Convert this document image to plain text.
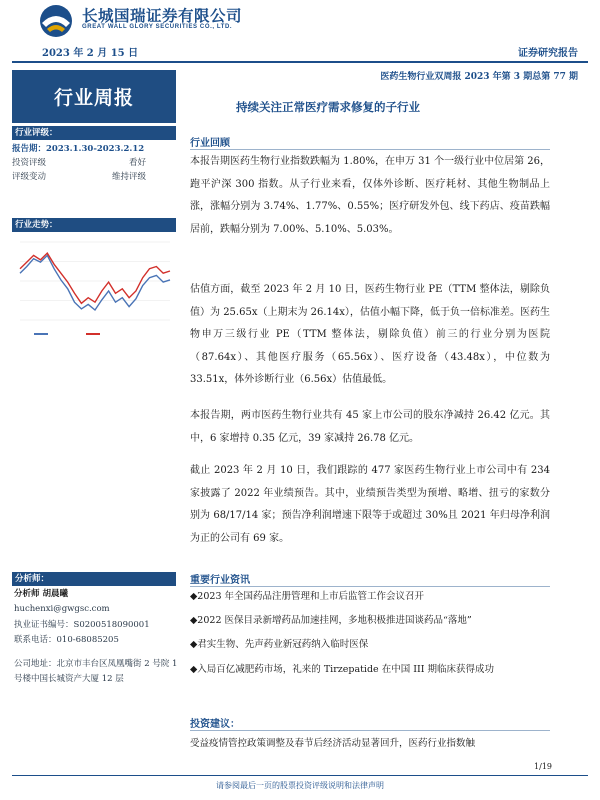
长城国瑞证券有限公司
GREAT WALL GLORY SECURITIES CO., LTD.
2023 年 2 月 15 日	证券研究报告
行业周报
医药生物行业双周报 2023 年第 3 期总第 77 期
持续关注正常医疗需求修复的子行业
行业评级：
报告期：2023.1.30-2023.2.12
投资评级	看好
评级变动	维持评级
行业走势：
行业回顾
本报告期医药生物行业指数跌幅为 1.80%，在申万 31 个一级行业中位居第 26，跑平沪深 300 指数。从子行业来看，仅体外诊断、医疗耗材、其他生物制品上涨，涨幅分别为 3.74%、1.77%、0.55%；医疗研发外包、线下药店、疫苗跌幅居前，跌幅分别为 7.00%、5.10%、5.03%。
估值方面，截至 2023 年 2 月 10 日，医药生物行业 PE（TTM 整体法，剔除负值）为 25.65x（上期末为 26.14x），估值小幅下降，低于负一倍标准差。医药生物申万三级行业 PE（TTM 整体法，剔除负值）前三的行业分别为医院（87.64x）、其他医疗服务（65.56x）、医疗设备（43.48x），中位数为 33.51x，体外诊断行业（6.56x）估值最低。
本报告期，两市医药生物行业共有 45 家上市公司的股东净减持 26.42 亿元。其中，6 家增持 0.35 亿元，39 家减持 26.78 亿元。
截止 2023 年 2 月 10 日，我们跟踪的 477 家医药生物行业上市公司中有 234 家披露了 2022 年业绩预告。其中，业绩预告类型为预增、略增、扭亏的家数分别为 68/17/14 家；预告净利润增速下限等于或超过 30%且 2021 年归母净利润为正的公司有 69 家。
重要行业资讯
◆2023 年全国药品注册管理和上市后监管工作会议召开
◆2022 医保目录新增药品加速挂网，多地积极推进国谈药品“落地”
◆君实生物、先声药业新冠药纳入临时医保
◆入局百亿减肥药市场，礼来的 Tirzepatide 在中国 III 期临床获得成功
投资建议：
受益疫情管控政策调整及春节后经济活动显著回升，医药行业指数触
分析师：
分析师 胡晨曦
huchenxi@gwgsc.com
执业证书编号：S0200518090001
联系电话：010-68085205
公司地址：北京市丰台区凤凰嘴街 2 号院 1 号楼中国长城资产大厦 12 层
1/19
请参阅最后一页的股票投资评级说明和法律声明
